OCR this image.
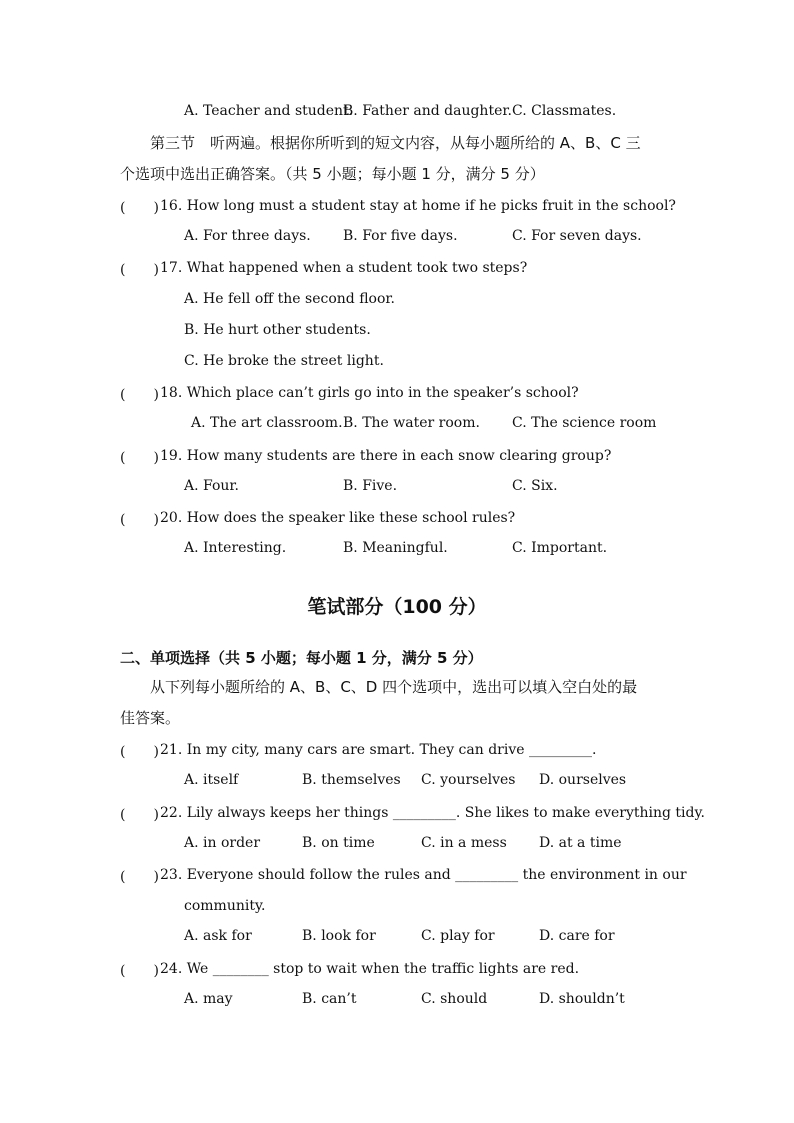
A. Teacher and student.
B. Father and daughter. C. Classmates.
第三节　听两遍。根据你所听到的短文内容，从每小题所给的 A、B、C 三
个选项中选出正确答案。（共 5 小题；每小题 1 分，满分 5 分）
(　　) 16. How long must a student stay at home if he picks fruit in the school?
A. For three days. B. For five days.	C. For seven days.
(　　) 17. What happened when a student took two steps?
A. He fell off the second floor.
B. He hurt other students.
C. He broke the street light.
(　　) 18. Which place can’t girls go into in the speaker’s school?
A. The art classroom. B. The water room. C. The science room
(　　) 19. How many students are there in each snow clearing group?
A. Four.	B. Five.	C. Six.
(　　) 20. How does the speaker like these school rules?
A. Interesting.	B. Meaningful.	C. Important.
笔试部分（100 分）
二、单项选择（共 5 小题；每小题 1 分，满分 5 分）
从下列每小题所给的 A、B、C、D 四个选项中，选出可以填入空白处的最
佳答案。
(　　) 21. In my city, many cars are smart. They can drive _________.
A. itself	B. themselves C. yourselves D. ourselves
(　　) 22. Lily always keeps her things _________. She likes to make everything tidy.
A. in order	B. on time	C. in a mess D. at a time
(　　) 23. Everyone should follow the rules and _________ the environment in our
community.
A. ask for	B. look for	C. play for	D. care for
(　　) 24. We ________ stop to wait when the traffic lights are red.
A. may	B. can’t	C. should	D. shouldn’t
